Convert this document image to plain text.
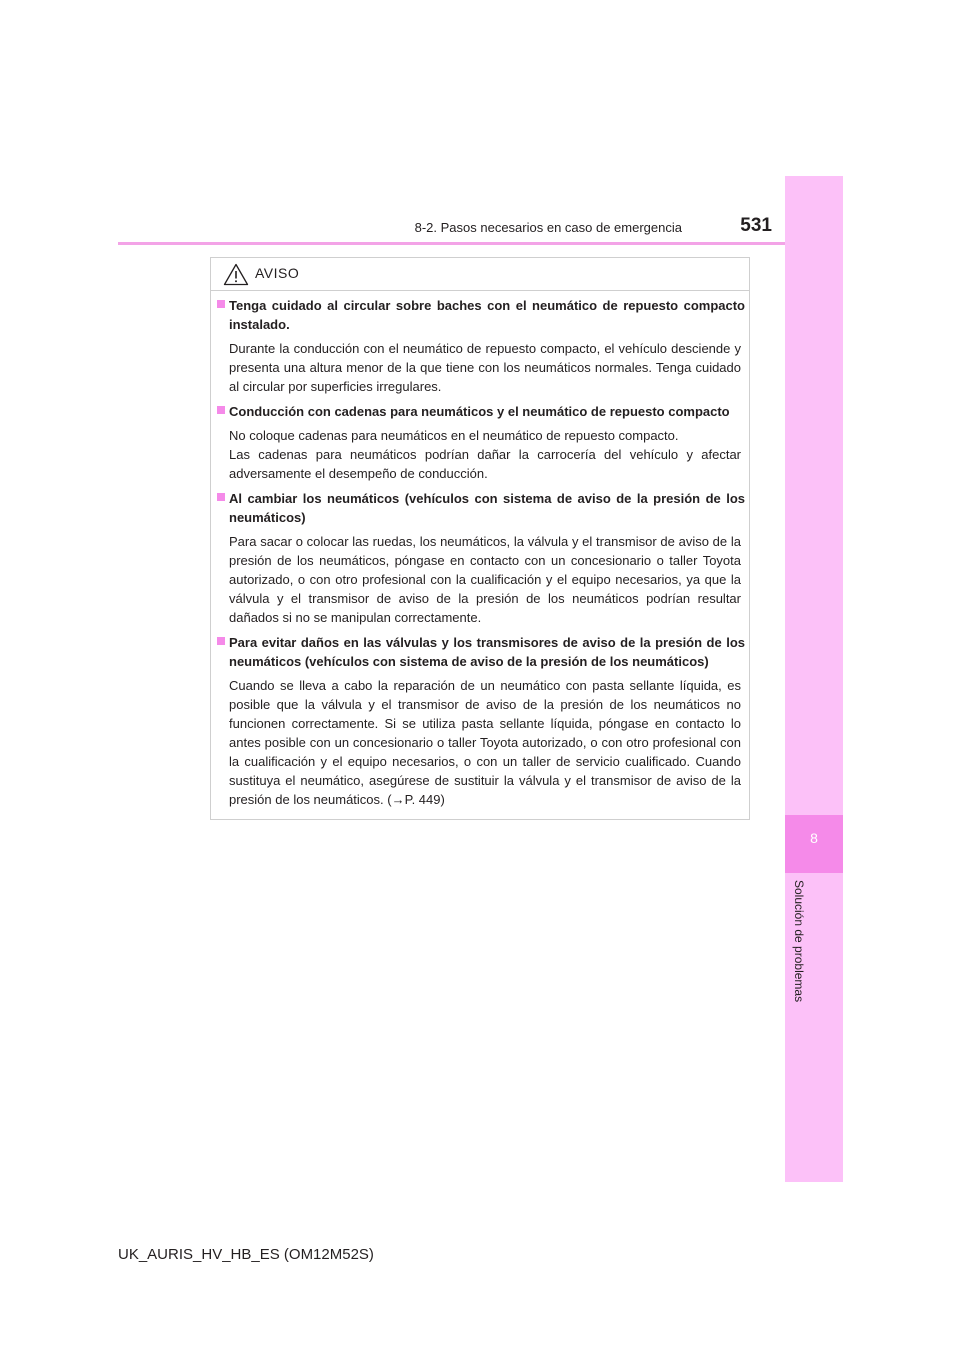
8-2. Pasos necesarios en caso de emergencia	531
8
Solución de problemas
AVISO
Tenga cuidado al circular sobre baches con el neumático de repuesto compacto instalado.

Durante la conducción con el neumático de repuesto compacto, el vehículo desciende y presenta una altura menor de la que tiene con los neumáticos normales. Tenga cuidado al circular por superficies irregulares.

Conducción con cadenas para neumáticos y el neumático de repuesto compacto

No coloque cadenas para neumáticos en el neumático de repuesto compacto.

Las cadenas para neumáticos podrían dañar la carrocería del vehículo y afectar adversamente el desempeño de conducción.

Al cambiar los neumáticos (vehículos con sistema de aviso de la presión de los neumáticos)

Para sacar o colocar las ruedas, los neumáticos, la válvula y el transmisor de aviso de la presión de los neumáticos, póngase en contacto con un concesionario o taller Toyota autorizado, o con otro profesional con la cualificación y el equipo necesarios, ya que la válvula y el transmisor de aviso de la presión de los neumáticos podrían resultar dañados si no se manipulan correctamente.

Para evitar daños en las válvulas y los transmisores de aviso de la presión de los neumáticos (vehículos con sistema de aviso de la presión de los neumáticos)

Cuando se lleva a cabo la reparación de un neumático con pasta sellante líquida, es posible que la válvula y el transmisor de aviso de la presión de los neumáticos no funcionen correctamente. Si se utiliza pasta sellante líquida, póngase en contacto lo antes posible con un concesionario o taller Toyota autorizado, o con otro profesional con la cualificación y el equipo necesarios, o con un taller de servicio cualificado. Cuando sustituya el neumático, asegúrese de sustituir la válvula y el transmisor de aviso de la presión de los neumáticos. (→P. 449)

UK_AURIS_HV_HB_ES (OM12M52S)
